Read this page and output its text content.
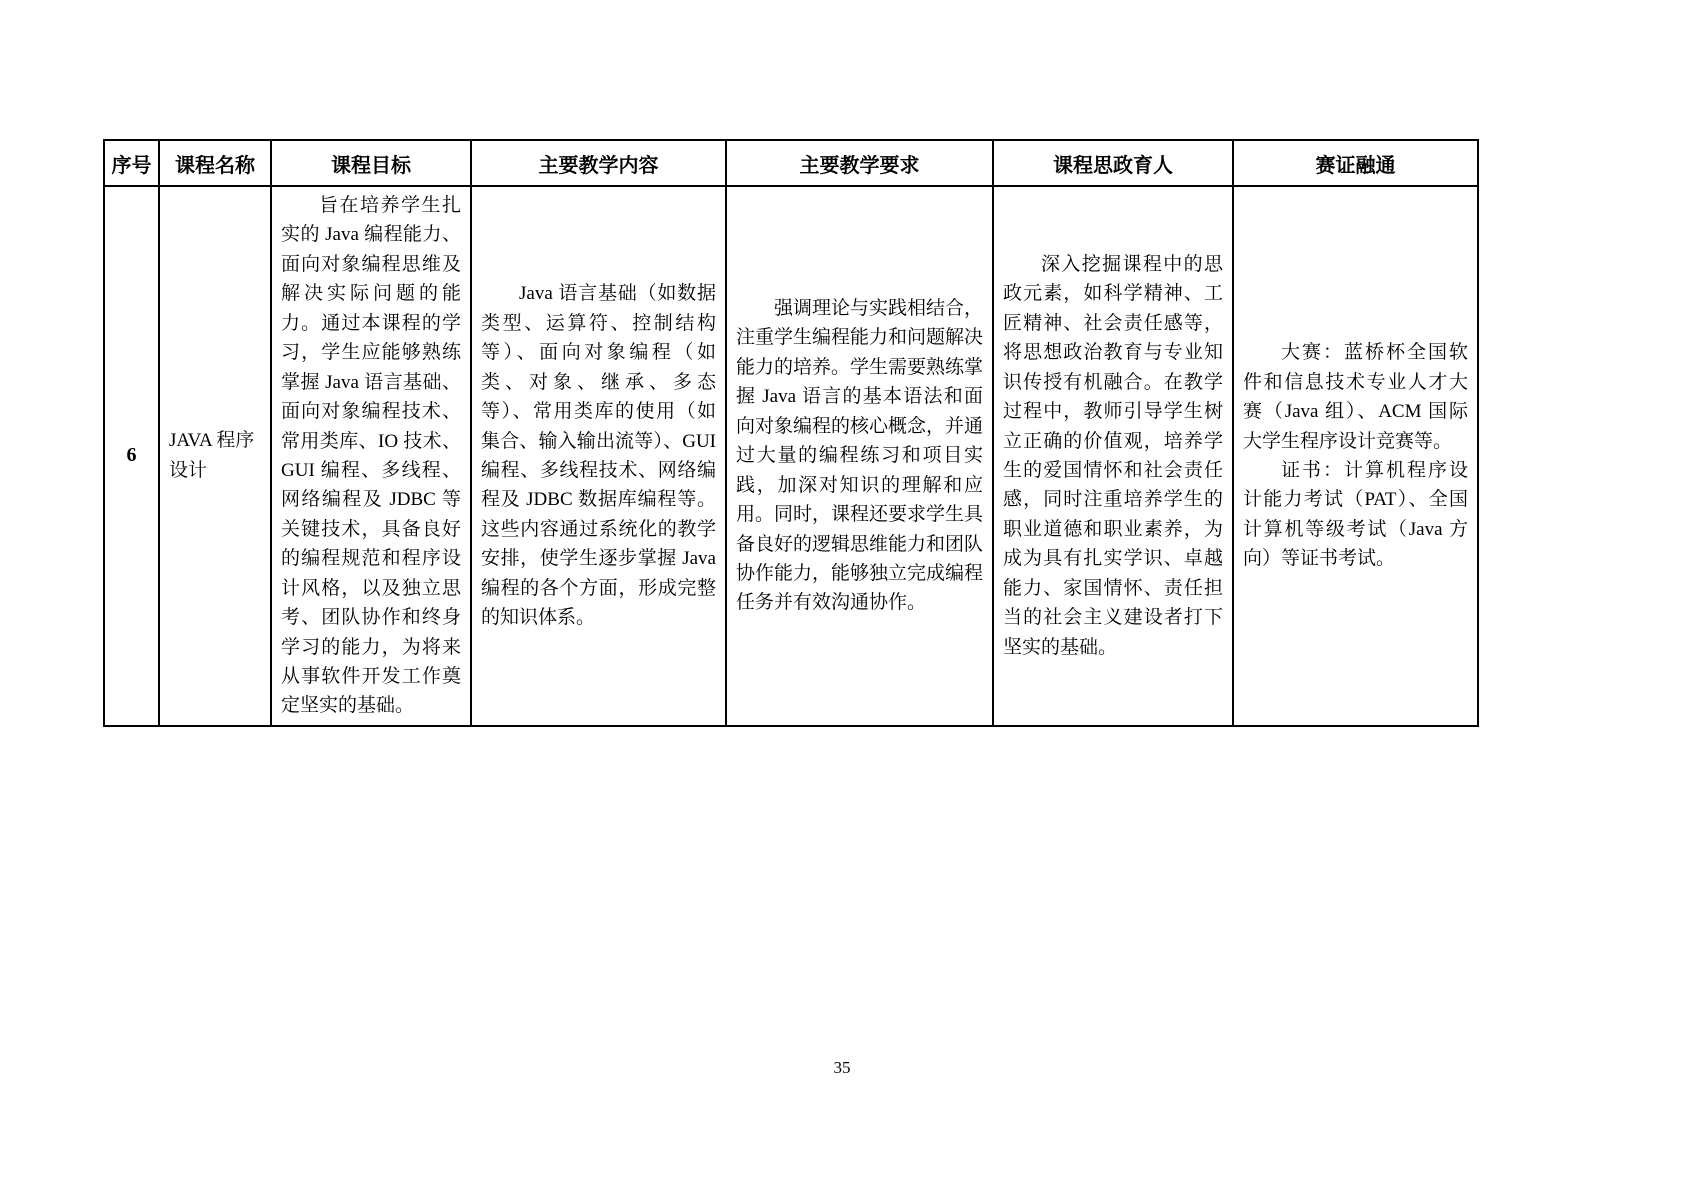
序号	课程名称	课程目标	主要教学内容	主要教学要求	课程思政育人	赛证融通
6	JAVA 程序设计	旨在培养学生扎实的 Java 编程能力、面向对象编程思维及解决实际问题的能力。通过本课程的学习，学生应能够熟练掌握 Java 语言基础、面向对象编程技术、常用类库、IO 技术、GUI 编程、多线程、网络编程及 JDBC 等关键技术，具备良好的编程规范和程序设计风格，以及独立思考、团队协作和终身学习的能力，为将来从事软件开发工作奠定坚实的基础。	Java 语言基础（如数据类型、运算符、控制结构等）、面向对象编程（如类、对象、继承、多态等）、常用类库的使用（如集合、输入输出流等）、GUI 编程、多线程技术、网络编程及 JDBC 数据库编程等。这些内容通过系统化的教学安排，使学生逐步掌握 Java 编程的各个方面，形成完整的知识体系。	强调理论与实践相结合，注重学生编程能力和问题解决能力的培养。学生需要熟练掌握 Java 语言的基本语法和面向对象编程的核心概念，并通过大量的编程练习和项目实践，加深对知识的理解和应用。同时，课程还要求学生具备良好的逻辑思维能力和团队协作能力，能够独立完成编程任务并有效沟通协作。	深入挖掘课程中的思政元素，如科学精神、工匠精神、社会责任感等，将思想政治教育与专业知识传授有机融合。在教学过程中，教师引导学生树立正确的价值观，培养学生的爱国情怀和社会责任感，同时注重培养学生的职业道德和职业素养，为成为具有扎实学识、卓越能力、家国情怀、责任担当的社会主义建设者打下坚实的基础。	大赛：蓝桥杯全国软件和信息技术专业人才大赛（Java 组）、ACM 国际大学生程序设计竞赛等。
证书：计算机程序设计能力考试（PAT）、全国计算机等级考试（Java 方向）等证书考试。
35
